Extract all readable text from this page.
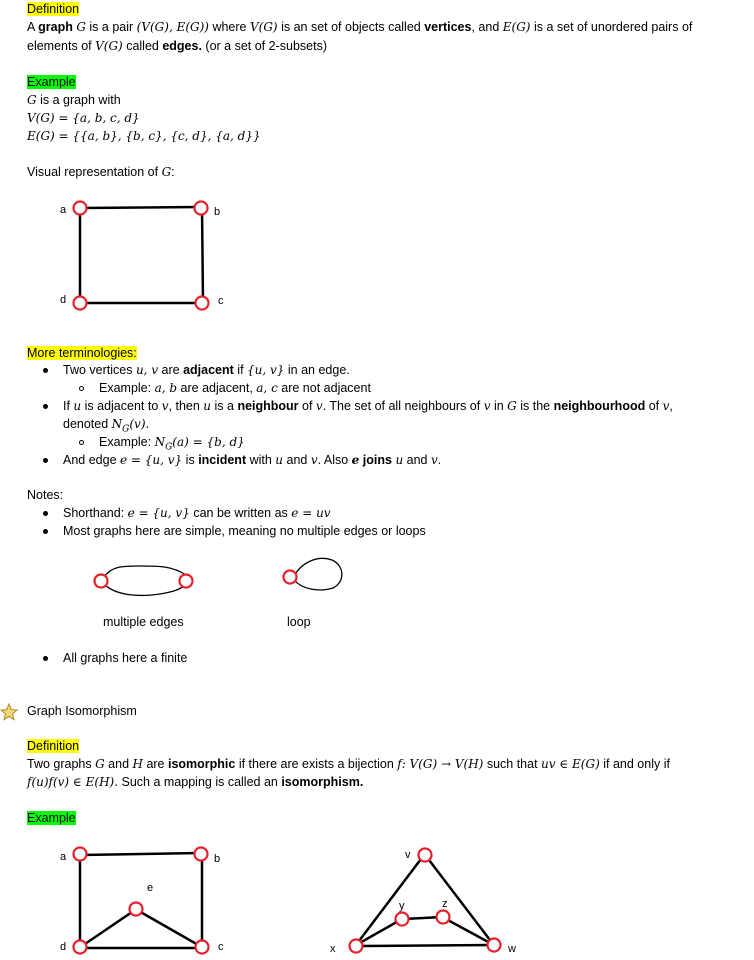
Definition
A graph G is a pair (V(G), E(G)) where V(G) is an set of objects called vertices, and E(G) is a set of unordered pairs of
elements of V(G) called edges. (or a set of 2-subsets)
Example
G is a graph with
V(G) = {a, b, c, d}
E(G) = {{a, b}, {b, c}, {c, d}, {a, d}}
Visual representation of G:
a	b
c
d
More terminologies:
Two vertices u, v are adjacent if {u, v} in an edge.
Example: a, b are adjacent, a, c are not adjacent
If u is adjacent to v, then u is a neighbour of v. The set of all neighbours of v in G is the neighbourhood of v,
denoted $N_G(v)$.
Example: $N_G(a) = \{b$, d}
And edge e = {u, v} is incident with u and v. Also e joins u and v.
Notes:
Shorthand: e = {u, v} can be written as e = uv
Most graphs here are simple, meaning no multiple edges or loops
multiple edges	loop
All graphs here a finite
Graph Isomorphism
Definition
Two graphs G and H are isomorphic if there are exists a bijection f: V(G) → V(H) such that uv ∈ E(G) if and only if
f(u)f(v) ∈ E(H). Such a mapping is called an isomorphism.
Example
a	b
c
d
e
v
w
x
y	z
